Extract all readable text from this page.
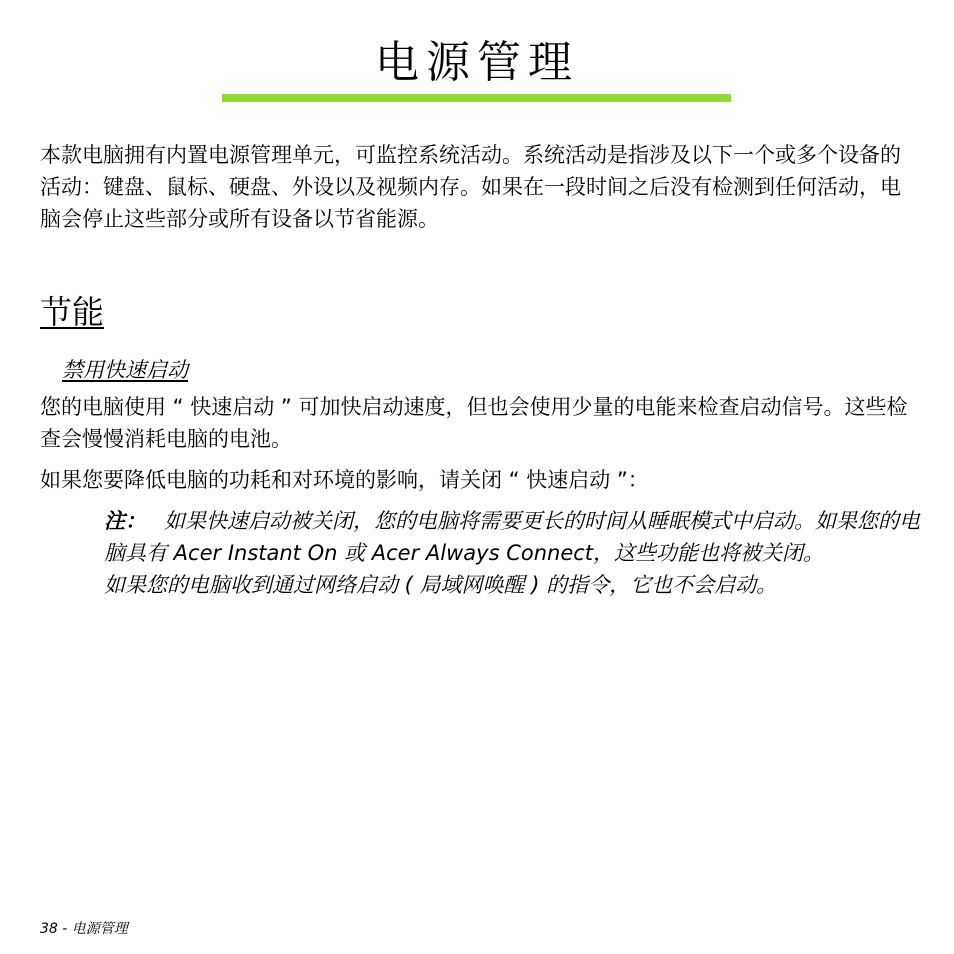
电源管理

本款电脑拥有内置电源管理单元，可监控系统活动。系统活动是指涉及以下一个或多个设备的活动：键盘、鼠标、硬盘、外设以及视频内存。如果在一段时间之后没有检测到任何活动，电脑会停止这些部分或所有设备以节省能源。

节能
禁用快速启动

您的电脑使用 “ 快速启动 ” 可加快启动速度，但也会使用少量的电能来检查启动信号。这些检查会慢慢消耗电脑的电池。

如果您要降低电脑的功耗和对环境的影响，请关闭 “ 快速启动 ”：

注： 如果快速启动被关闭，您的电脑将需要更长的时间从睡眠模式中启动。如果您的电脑具有 Acer Instant On 或 Acer Always Connect，这些功能也将被关闭。
如果您的电脑收到通过网络启动 ( 局域网唤醒 ) 的指令，它也不会启动。
38 - 电源管理
